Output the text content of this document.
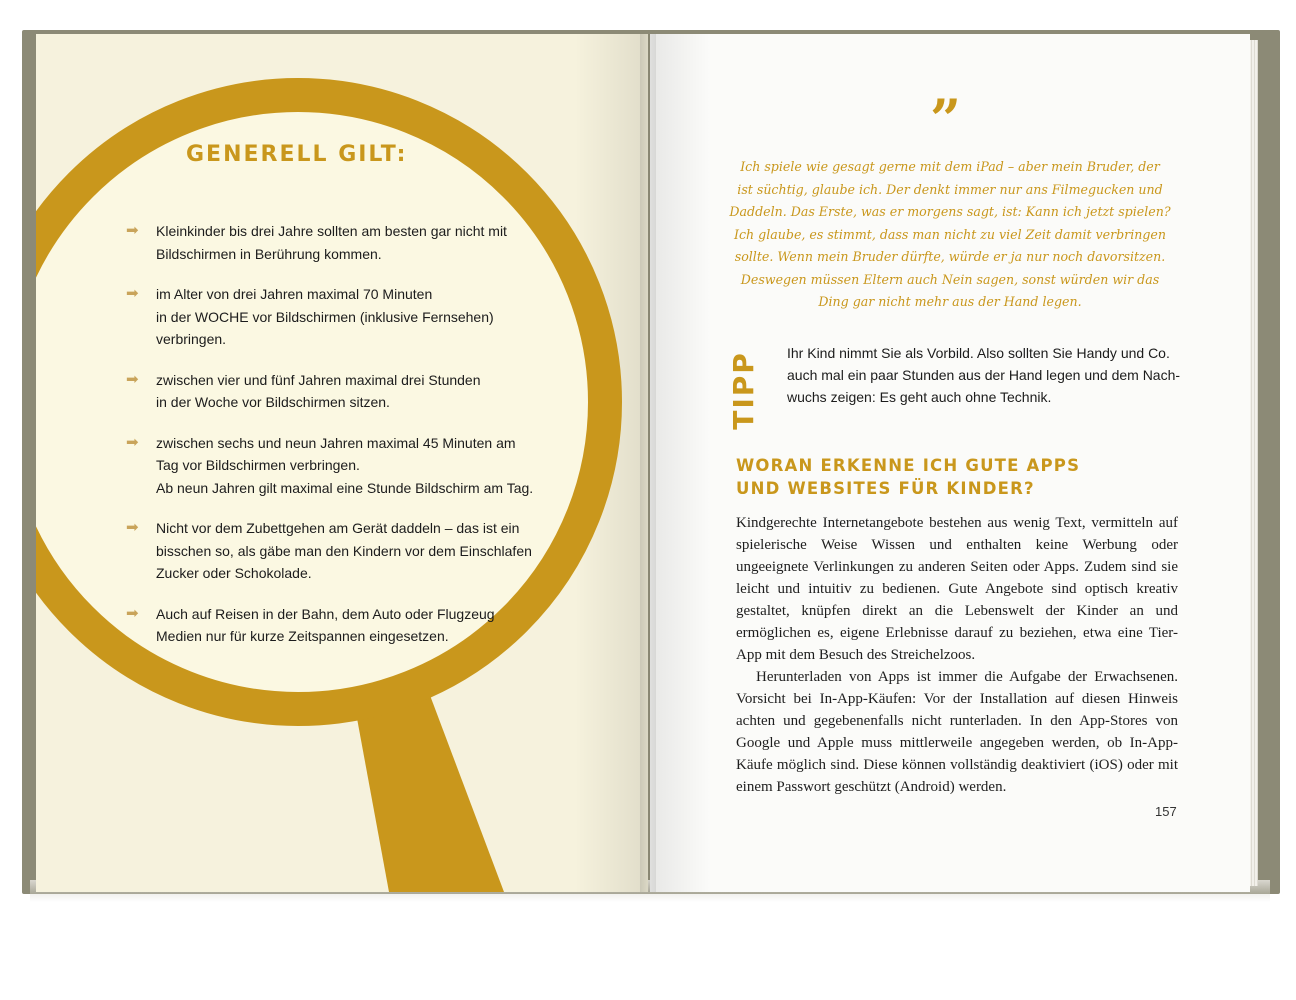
GENERELL GILT:
➡ Kleinkinder bis drei Jahre sollten am besten gar nicht mit
Bildschirmen in Berührung kommen.
➡ im Alter von drei Jahren maximal 70 Minuten
in der WOCHE vor Bildschirmen (inklusive Fernsehen) verbringen.
➡ zwischen vier und fünf Jahren maximal drei Stunden
in der Woche vor Bildschirmen sitzen.
➡ zwischen sechs und neun Jahren maximal 45 Minuten am
Tag vor Bildschirmen verbringen.
Ab neun Jahren gilt maximal eine Stunde Bildschirm am Tag.
➡ Nicht vor dem Zubettgehen am Gerät daddeln – das ist ein
bisschen so, als gäbe man den Kindern vor dem Einschlafen
Zucker oder Schokolade.
➡ Auch auf Reisen in der Bahn, dem Auto oder Flugzeug
Medien nur für kurze Zeitspannen eingesetzen.
”
Ich spiele wie gesagt gerne mit dem iPad – aber mein Bruder, der
ist süchtig, glaube ich. Der denkt immer nur ans Filmegucken und
Daddeln. Das Erste, was er morgens sagt, ist: Kann ich jetzt spielen?
Ich glaube, es stimmt, dass man nicht zu viel Zeit damit verbringen
sollte. Wenn mein Bruder dürfte, würde er ja nur noch davorsitzen.
Deswegen müssen Eltern auch Nein sagen, sonst würden wir das
Ding gar nicht mehr aus der Hand legen.
TIPP Ihr Kind nimmt Sie als Vorbild. Also sollten Sie Handy und Co.
auch mal ein paar Stunden aus der Hand legen und dem Nach-
wuchs zeigen: Es geht auch ohne Technik.
WORAN ERKENNE ICH GUTE APPS
UND WEBSITES FÜR KINDER?

Kindgerechte Internetangebote bestehen aus wenig Text, vermitteln auf spielerische Weise Wissen und enthalten keine Werbung oder ungeeignete Verlinkungen zu anderen Seiten oder Apps. Zudem sind sie leicht und intuitiv zu bedienen. Gute Angebote sind optisch kreativ gestaltet, knüpfen direkt an die Lebenswelt der Kinder an und ermöglichen es, eigene Erlebnisse darauf zu beziehen, etwa eine Tier-App mit dem Besuch des Streichelzoos.

Herunterladen von Apps ist immer die Aufgabe der Erwachsenen. Vorsicht bei In-App-Käufen: Vor der Installation auf diesen Hinweis achten und gegebenenfalls nicht runterladen. In den App-Stores von Google und Apple muss mittlerweile angegeben werden, ob In-App-Käufe möglich sind. Diese können vollständig deaktiviert (iOS) oder mit einem Passwort geschützt (Android) werden.

157
